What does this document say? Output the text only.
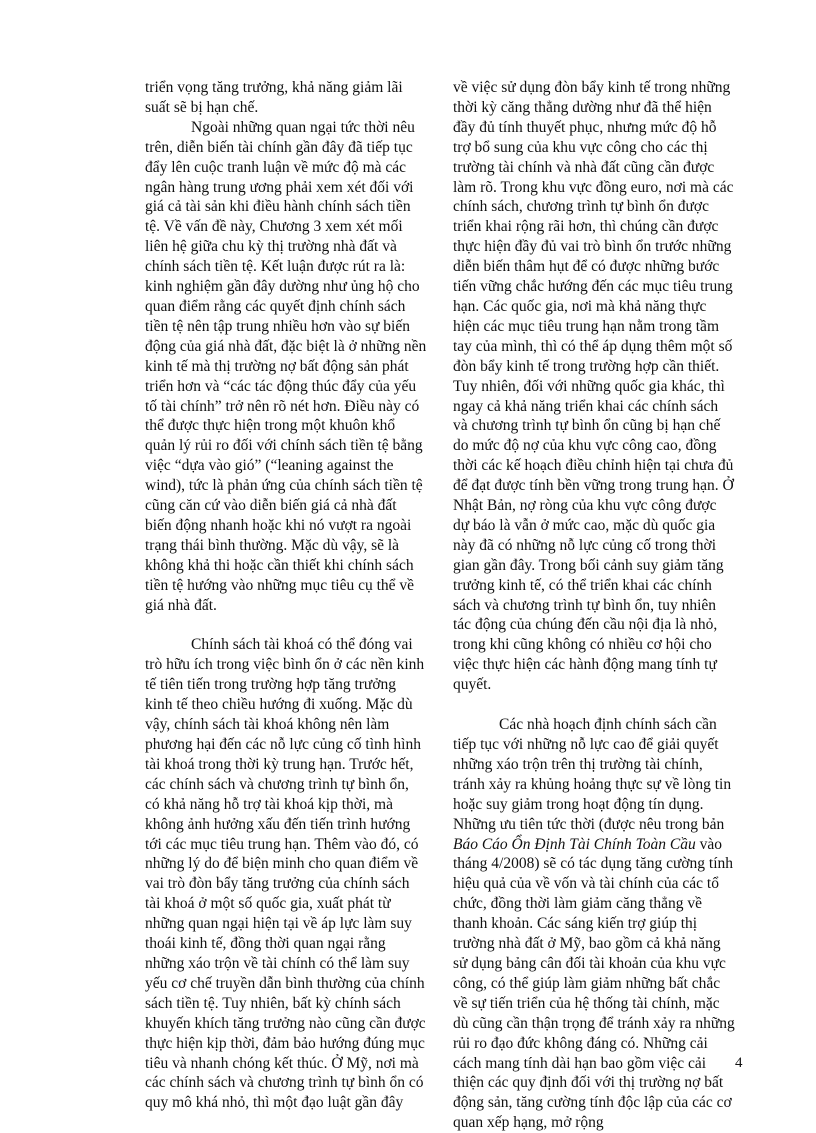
triển vọng tăng trưởng, khả năng giảm lãi suất sẽ bị hạn chế.

Ngoài những quan ngại tức thời nêu trên, diễn biến tài chính gần đây đã tiếp tục đẩy lên cuộc tranh luận về mức độ mà các ngân hàng trung ương phải xem xét đối với giá cả tài sản khi điều hành chính sách tiền tệ. Về vấn đề này, Chương 3 xem xét mối liên hệ giữa chu kỳ thị trường nhà đất và chính sách tiền tệ. Kết luận được rút ra là: kinh nghiệm gần đây dường như ủng hộ cho quan điểm rằng các quyết định chính sách tiền tệ nên tập trung nhiều hơn vào sự biến động của giá nhà đất, đặc biệt là ở những nền kinh tế mà thị trường nợ bất động sản phát triển hơn và “các tác động thúc đẩy của yếu tố tài chính” trở nên rõ nét hơn. Điều này có thể được thực hiện trong một khuôn khổ quản lý rủi ro đối với chính sách tiền tệ bằng việc “dựa vào gió” (“leaning against the wind), tức là phản ứng của chính sách tiền tệ cũng căn cứ vào diễn biến giá cả nhà đất biến động nhanh hoặc khi nó vượt ra ngoài trạng thái bình thường. Mặc dù vậy, sẽ là không khả thi hoặc cần thiết khi chính sách tiền tệ hướng vào những mục tiêu cụ thể về giá nhà đất.

Chính sách tài khoá có thể đóng vai trò hữu ích trong việc bình ổn ở các nền kinh tế tiên tiến trong trường hợp tăng trưởng kinh tế theo chiều hướng đi xuống. Mặc dù vậy, chính sách tài khoá không nên làm phương hại đến các nỗ lực củng cố tình hình tài khoá trong thời kỳ trung hạn. Trước hết, các chính sách và chương trình tự bình ổn, có khả năng hỗ trợ tài khoá kịp thời, mà không ảnh hưởng xấu đến tiến trình hướng tới các mục tiêu trung hạn. Thêm vào đó, có những lý do để biện minh cho quan điểm về vai trò đòn bẩy tăng trưởng của chính sách tài khoá ở một số quốc gia, xuất phát từ những quan ngại hiện tại về áp lực làm suy thoái kinh tế, đồng thời quan ngại rằng những xáo trộn về tài chính có thể làm suy yếu cơ chế truyền dẫn bình thường của chính sách tiền tệ. Tuy nhiên, bất kỳ chính sách khuyến khích tăng trưởng nào cũng cần được thực hiện kịp thời, đảm bảo hướng đúng mục tiêu và nhanh chóng kết thúc. Ở Mỹ, nơi mà các chính sách và chương trình tự bình ổn có quy mô khá nhỏ, thì một đạo luật gần đây

về việc sử dụng đòn bẩy kinh tế trong những thời kỳ căng thẳng dường như đã thể hiện đầy đủ tính thuyết phục, nhưng mức độ hỗ trợ bổ sung của khu vực công cho các thị trường tài chính và nhà đất cũng cần được làm rõ. Trong khu vực đồng euro, nơi mà các chính sách, chương trình tự bình ổn được triển khai rộng rãi hơn, thì chúng cần được thực hiện đầy đủ vai trò bình ổn trước những diễn biến thâm hụt để có được những bước tiến vững chắc hướng đến các mục tiêu trung hạn. Các quốc gia, nơi mà khả năng thực hiện các mục tiêu trung hạn nằm trong tầm tay của mình, thì có thể áp dụng thêm một số đòn bẩy kinh tế trong trường hợp cần thiết. Tuy nhiên, đối với những quốc gia khác, thì ngay cả khả năng triển khai các chính sách và chương trình tự bình ổn cũng bị hạn chế do mức độ nợ của khu vực công cao, đồng thời các kế hoạch điều chỉnh hiện tại chưa đủ để đạt được tính bền vững trong trung hạn. Ở Nhật Bản, nợ ròng của khu vực công được dự báo là vẫn ở mức cao, mặc dù quốc gia này đã có những nỗ lực củng cố trong thời gian gần đây. Trong bối cảnh suy giảm tăng trưởng kinh tế, có thể triển khai các chính sách và chương trình tự bình ổn, tuy nhiên tác động của chúng đến cầu nội địa là nhỏ, trong khi cũng không có nhiều cơ hội cho việc thực hiện các hành động mang tính tự quyết.

Các nhà hoạch định chính sách cần tiếp tục với những nỗ lực cao để giải quyết những xáo trộn trên thị trường tài chính, tránh xảy ra khủng hoảng thực sự về lòng tin hoặc suy giảm trong hoạt động tín dụng. Những ưu tiên tức thời (được nêu trong bản Báo Cáo Ổn Định Tài Chính Toàn Cầu vào tháng 4/2008) sẽ có tác dụng tăng cường tính hiệu quả của về vốn và tài chính của các tổ chức, đồng thời làm giảm căng thẳng về thanh khoản. Các sáng kiến trợ giúp thị trường nhà đất ở Mỹ, bao gồm cả khả năng sử dụng bảng cân đối tài khoản của khu vực công, có thể giúp làm giảm những bất chắc về sự tiến triển của hệ thống tài chính, mặc dù cũng cần thận trọng để tránh xảy ra những rủi ro đạo đức không đáng có. Những cải cách mang tính dài hạn bao gồm việc cải thiện các quy định đối với thị trường nợ bất động sản, tăng cường tính độc lập của các cơ quan xếp hạng, mở rộng

4
